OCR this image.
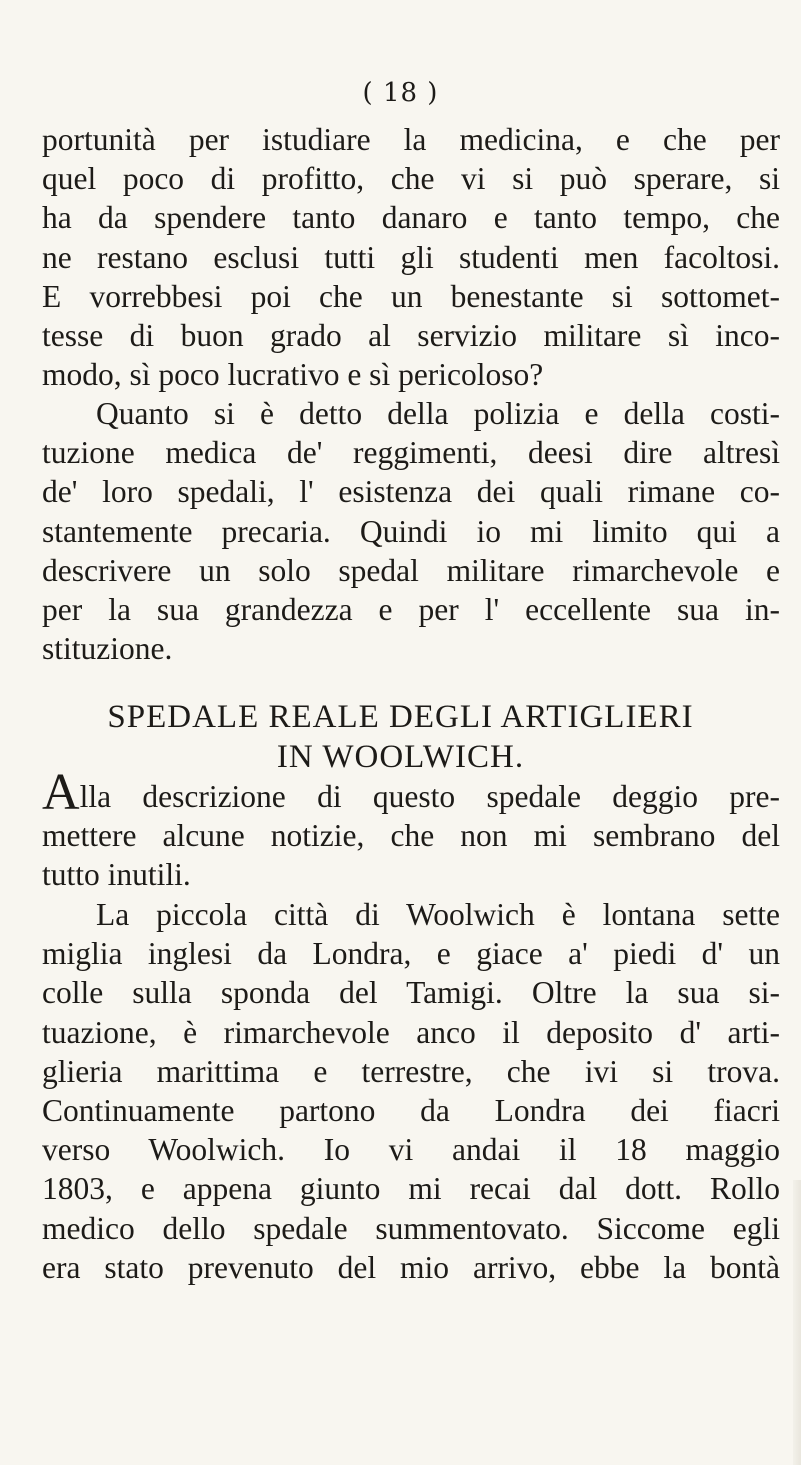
( 18 )
portunità per istudiare la medicina, e che per
quel poco di profitto, che vi si può sperare, si
ha da spendere tanto danaro e tanto tempo, che
ne restano esclusi tutti gli studenti men facoltosi.
E vorrebbesi poi che un benestante si sottomet-
tesse di buon grado al servizio militare sì inco-
modo, sì poco lucrativo e sì pericoloso?
Quanto si è detto della polizia e della costi-
tuzione medica de' reggimenti, deesi dire altresì
de' loro spedali, l' esistenza dei quali rimane co-
stantemente precaria. Quindi io mi limito qui a
descrivere un solo spedal militare rimarchevole e
per la sua grandezza e per l' eccellente sua in-
stituzione.
SPEDALE REALE DEGLI ARTIGLIERI
IN WOOLWICH.
Alla descrizione di questo spedale deggio pre-
mettere alcune notizie, che non mi sembrano del
tutto inutili.
La piccola città di Woolwich è lontana sette
miglia inglesi da Londra, e giace a' piedi d' un
colle sulla sponda del Tamigi. Oltre la sua si-
tuazione, è rimarchevole anco il deposito d' arti-
glieria marittima e terrestre, che ivi si trova.
Continuamente partono da Londra dei fiacri
verso Woolwich. Io vi andai il 18 maggio
1803, e appena giunto mi recai dal dott. Rollo
medico dello spedale summentovato. Siccome egli
era stato prevenuto del mio arrivo, ebbe la bontà
